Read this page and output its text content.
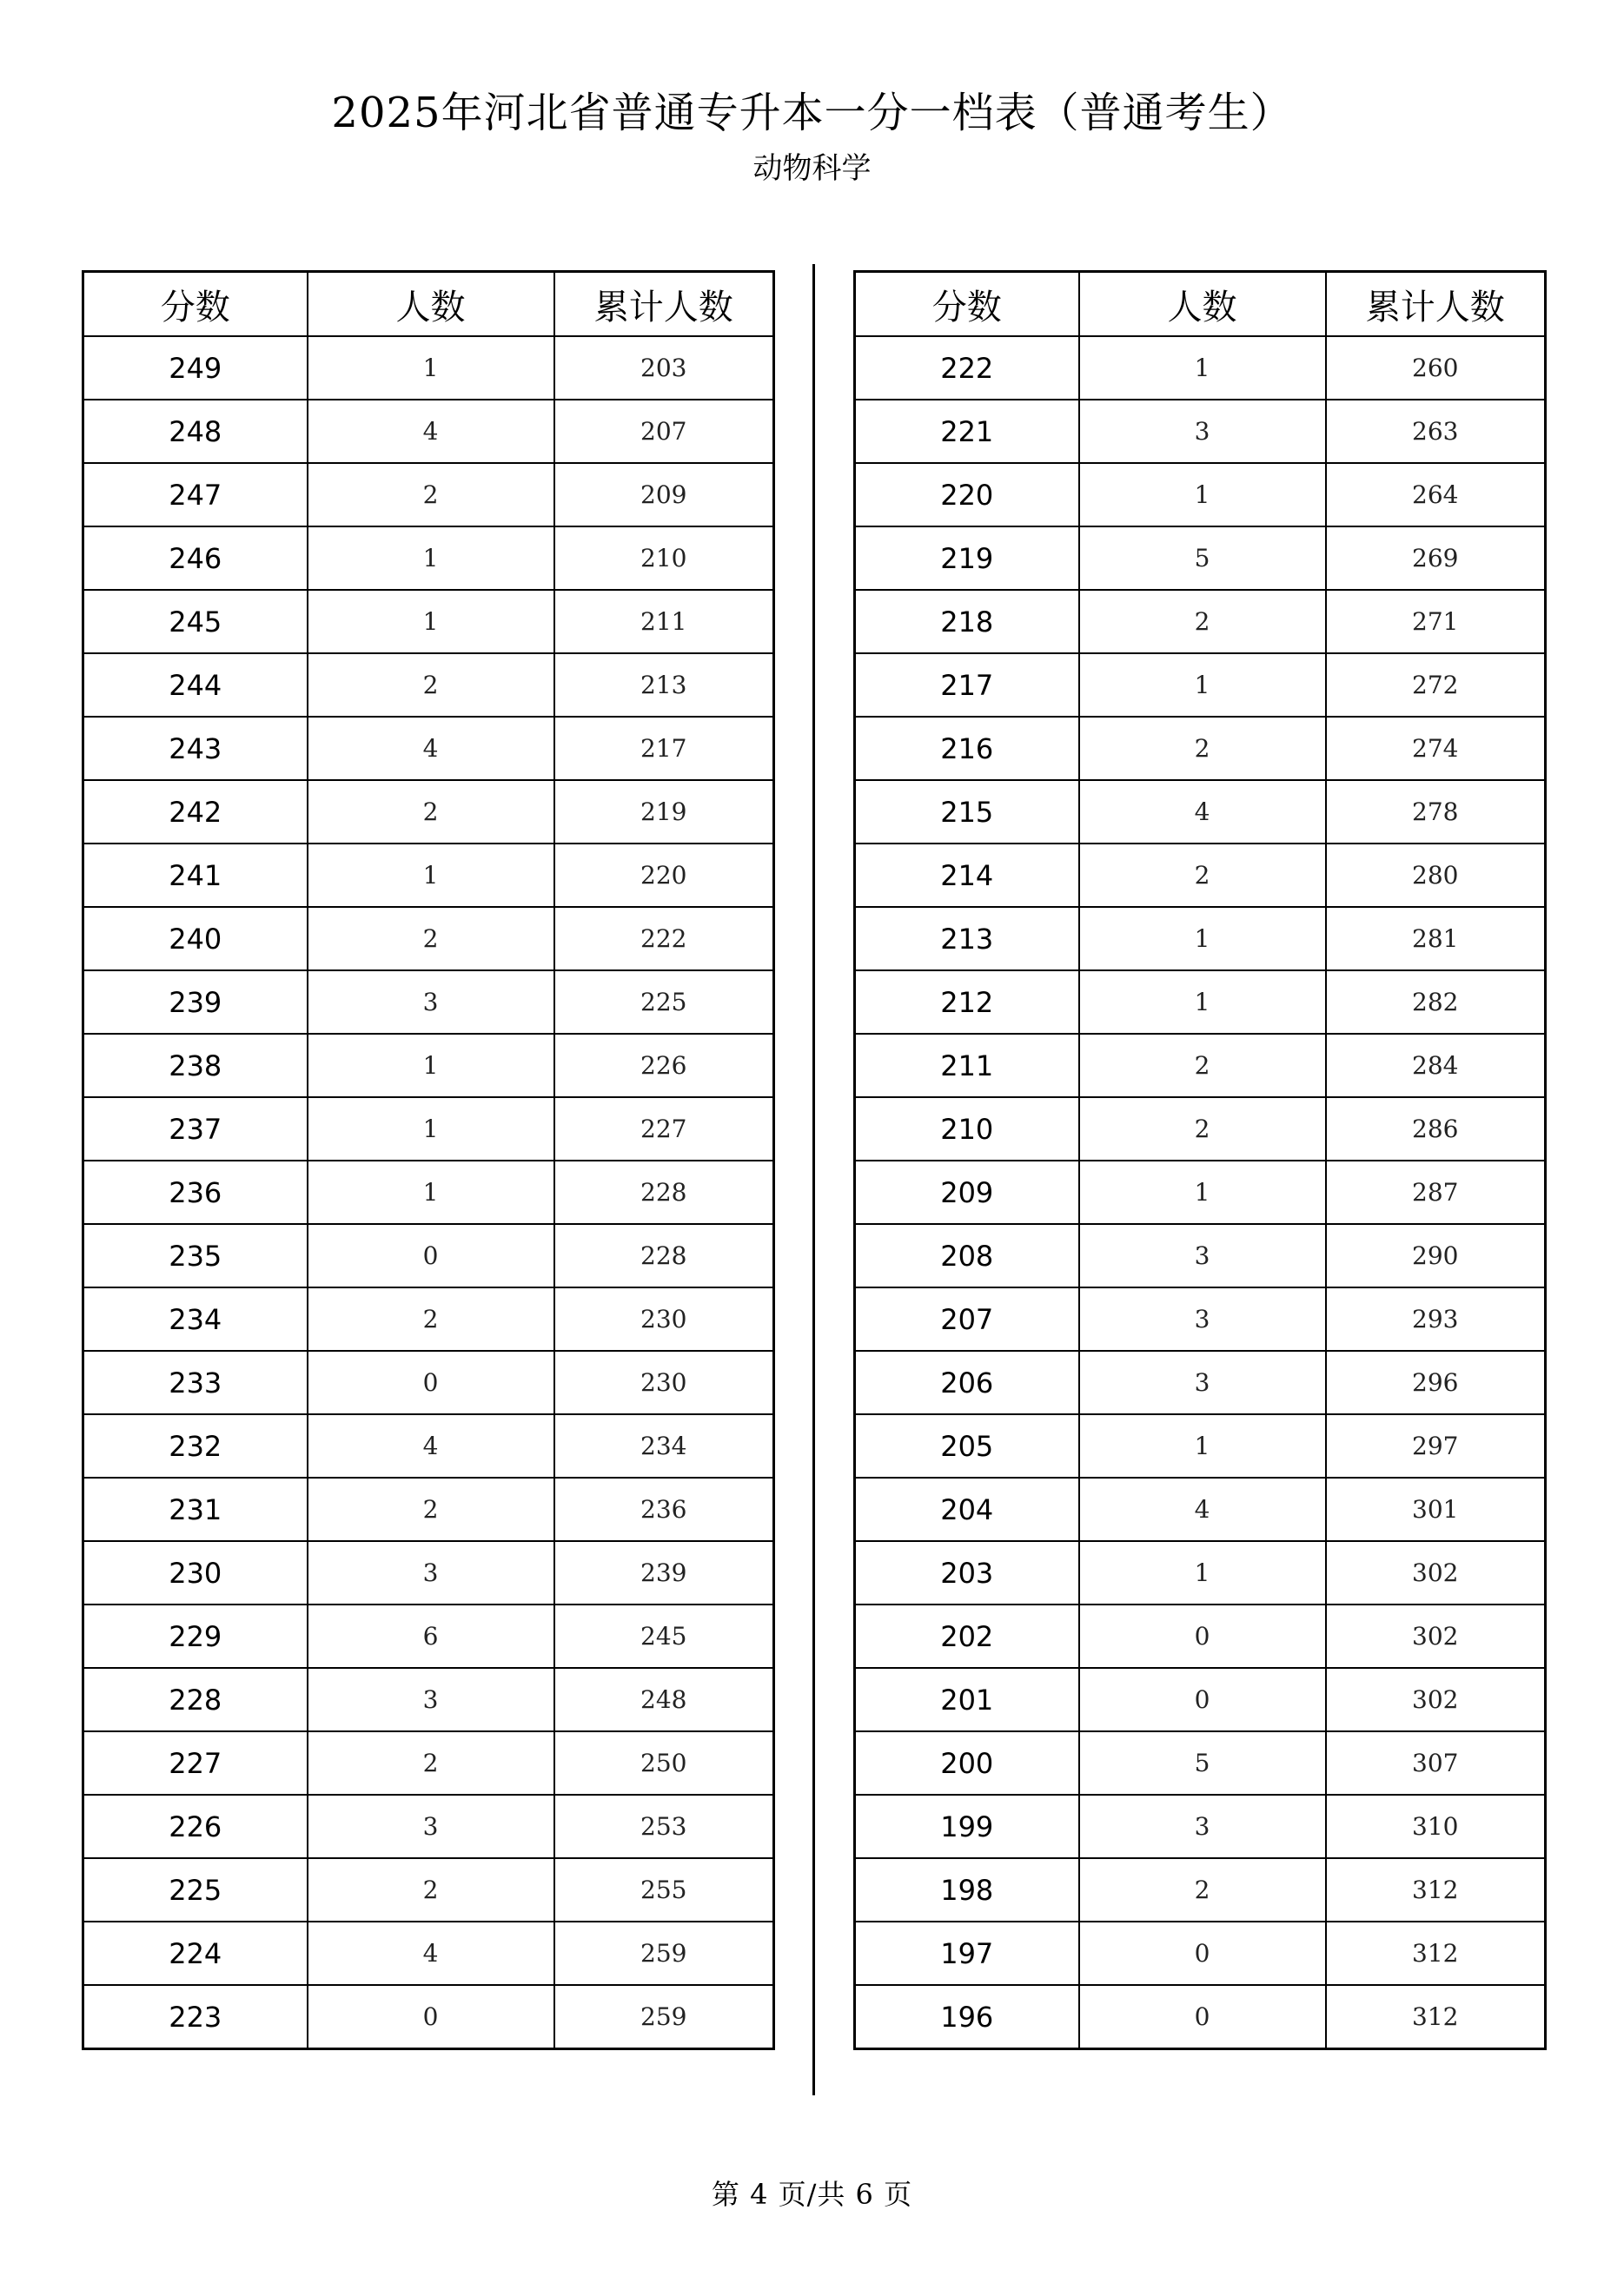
2025年河北省普通专升本一分一档表（普通考生）
动物科学
分数	人数	累计人数
249	1	203
248	4	207
247	2	209
246	1	210
245	1	211
244	2	213
243	4	217
242	2	219
241	1	220
240	2	222
239	3	225
238	1	226
237	1	227
236	1	228
235	0	228
234	2	230
233	0	230
232	4	234
231	2	236
230	3	239
229	6	245
228	3	248
227	2	250
226	3	253
225	2	255
224	4	259
223	0	259
分数	人数	累计人数
222	1	260
221	3	263
220	1	264
219	5	269
218	2	271
217	1	272
216	2	274
215	4	278
214	2	280
213	1	281
212	1	282
211	2	284
210	2	286
209	1	287
208	3	290
207	3	293
206	3	296
205	1	297
204	4	301
203	1	302
202	0	302
201	0	302
200	5	307
199	3	310
198	2	312
197	0	312
196	0	312
第 4 页/共 6 页
